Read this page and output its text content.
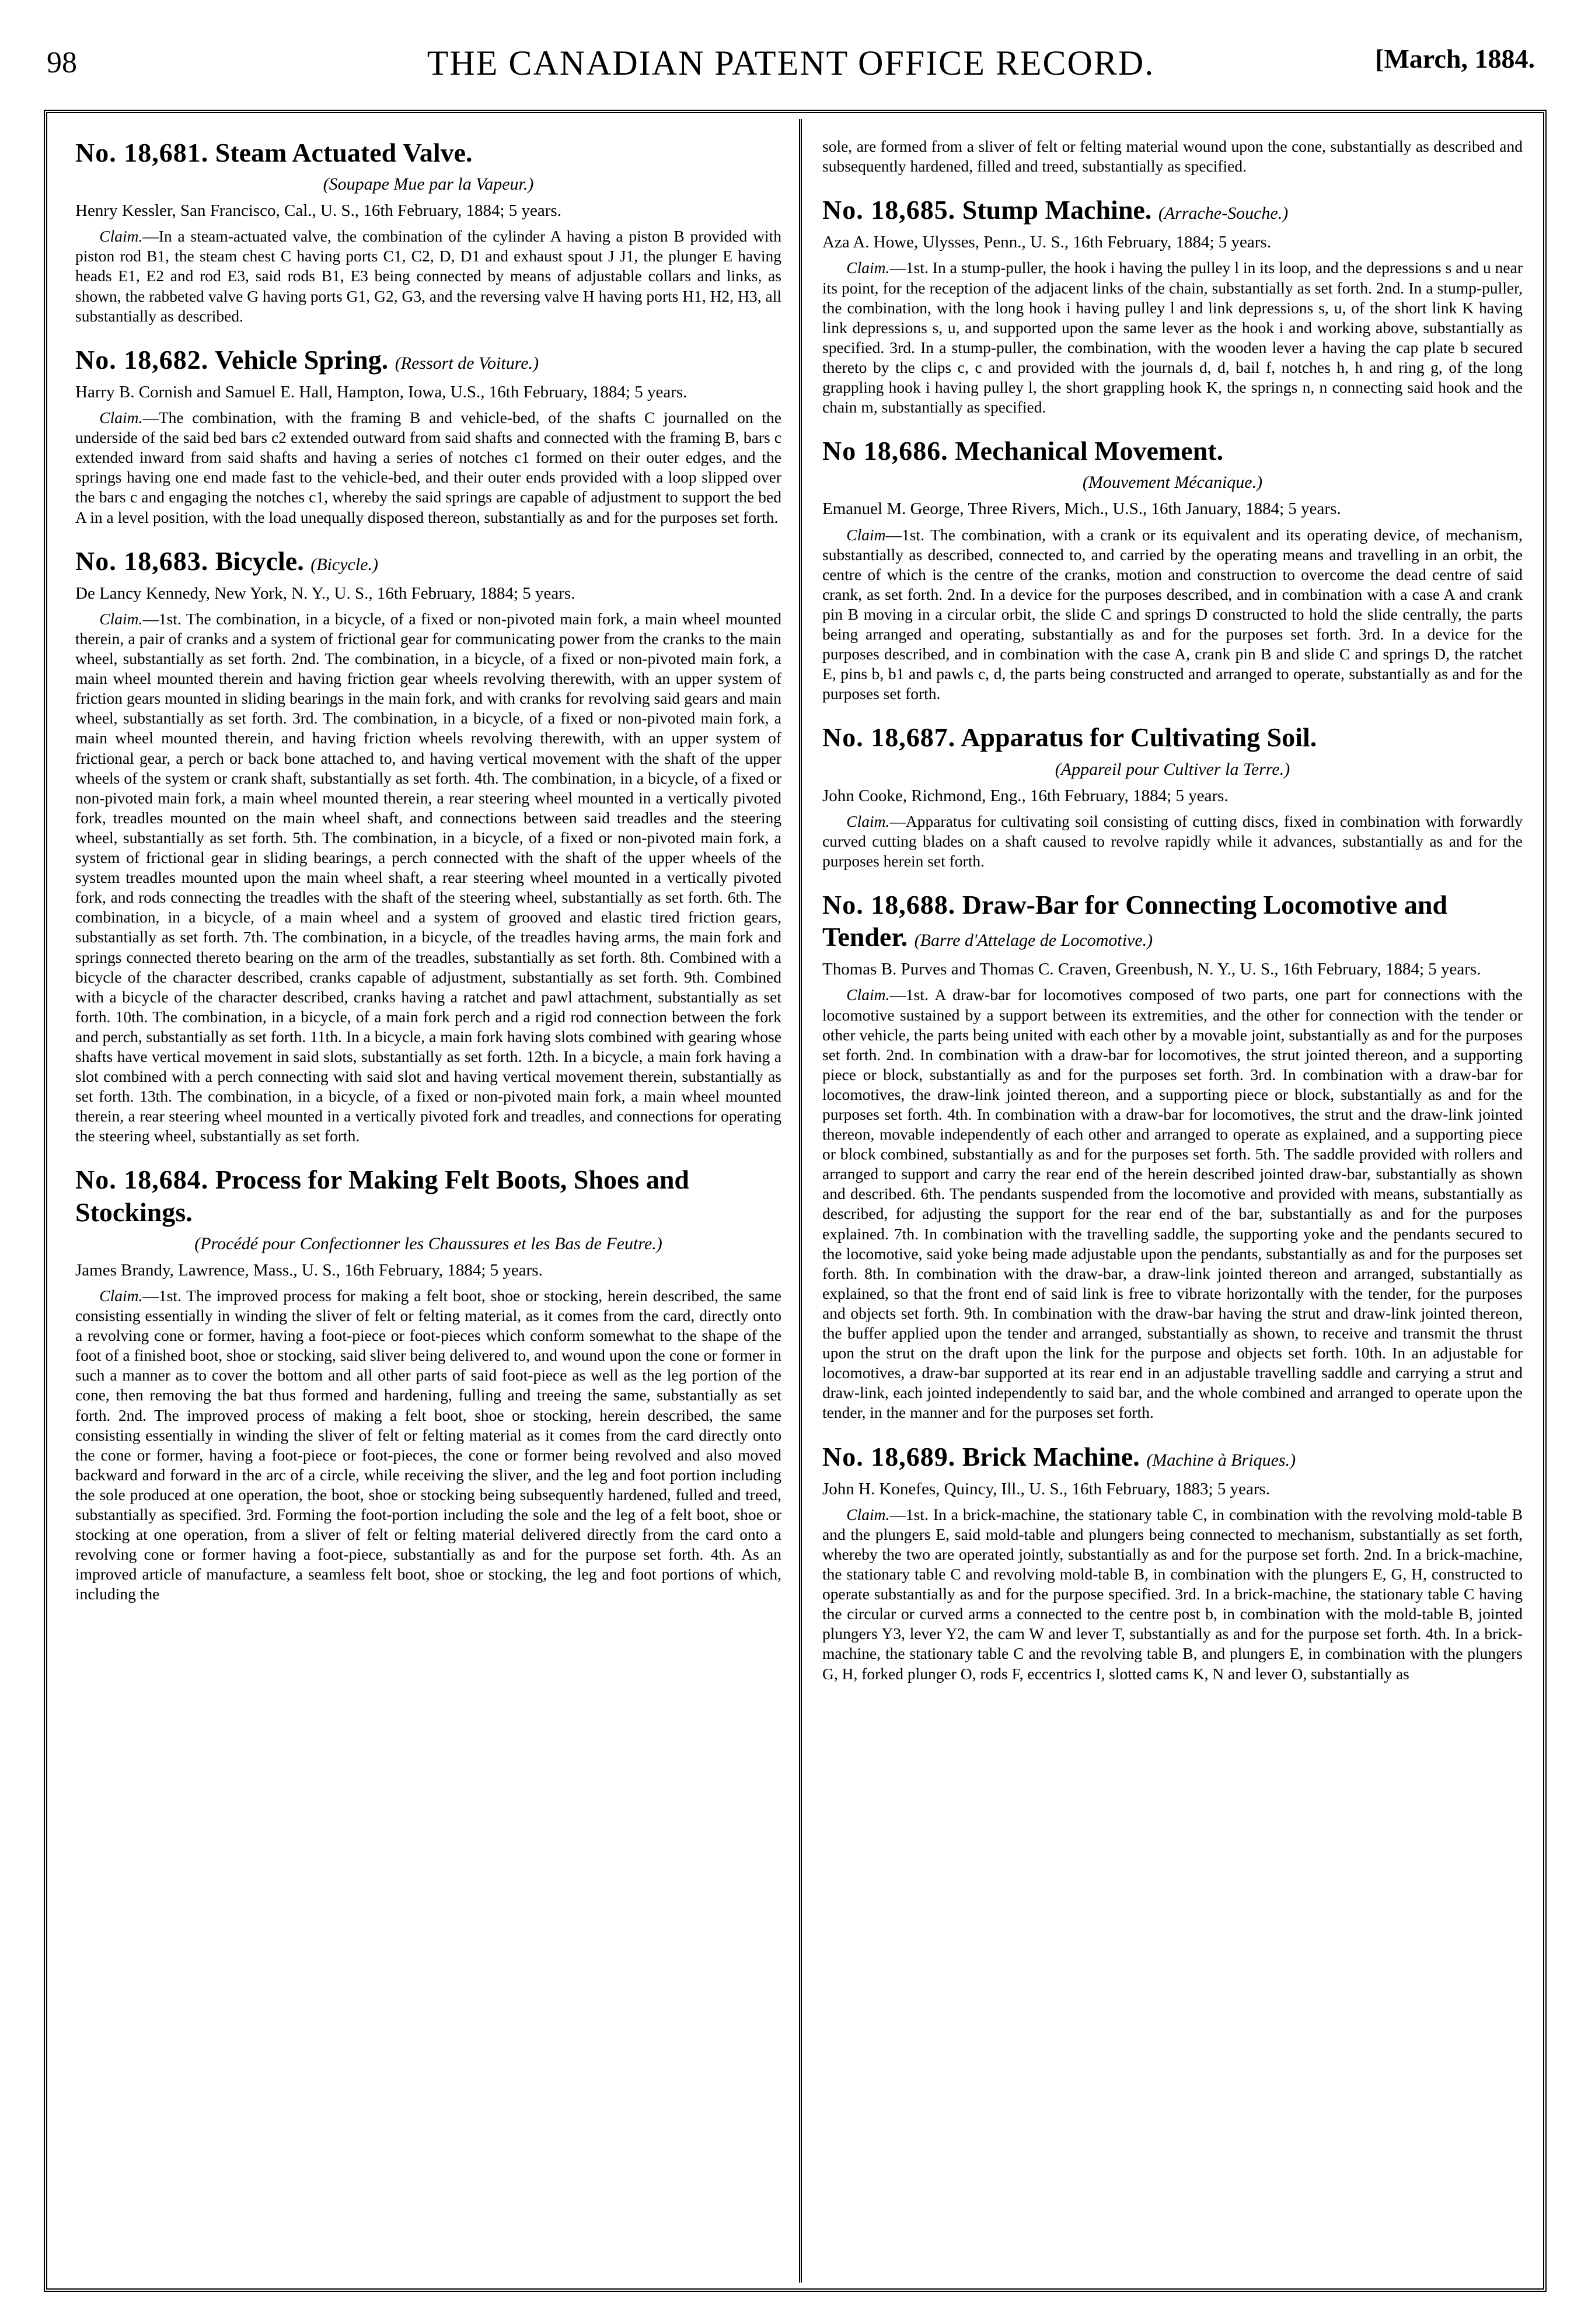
98	THE CANADIAN PATENT OFFICE RECORD.	[March, 1884.
No. 18,681. Steam Actuated Valve.
(Soupape Mue par la Vapeur.)

Henry Kessler, San Francisco, Cal., U. S., 16th February, 1884; 5 years.

Claim.—In a steam-actuated valve, the combination of the cylinder A having a piston B provided with piston rod B1, the steam chest C having ports C1, C2, D, D1 and exhaust spout J J1, the plunger E having heads E1, E2 and rod E3, said rods B1, E3 being connected by means of adjustable collars and links, as shown, the rabbeted valve G having ports G1, G2, G3, and the reversing valve H having ports H1, H2, H3, all substantially as described.

No. 18,682. Vehicle Spring. (Ressort de Voiture.)

Harry B. Cornish and Samuel E. Hall, Hampton, Iowa, U.S., 16th February, 1884; 5 years.

Claim.—The combination, with the framing B and vehicle-bed, of the shafts C journalled on the underside of the said bed bars c2 extended outward from said shafts and connected with the framing B, bars c extended inward from said shafts and having a series of notches c1 formed on their outer edges, and the springs having one end made fast to the vehicle-bed, and their outer ends provided with a loop slipped over the bars c and engaging the notches c1, whereby the said springs are capable of adjustment to support the bed A in a level position, with the load unequally disposed thereon, substantially as and for the purposes set forth.

No. 18,683. Bicycle. (Bicycle.)

De Lancy Kennedy, New York, N. Y., U. S., 16th February, 1884; 5 years.

Claim.—1st. The combination, in a bicycle, of a fixed or non-pivoted main fork, a main wheel mounted therein, a pair of cranks and a system of frictional gear for communicating power from the cranks to the main wheel, substantially as set forth. 2nd. The combination, in a bicycle, of a fixed or non-pivoted main fork, a main wheel mounted therein and having friction gear wheels revolving therewith, with an upper system of friction gears mounted in sliding bearings in the main fork, and with cranks for revolving said gears and main wheel, substantially as set forth. 3rd. The combination, in a bicycle, of a fixed or non-pivoted main fork, a main wheel mounted therein, and having friction wheels revolving therewith, with an upper system of frictional gear, a perch or back bone attached to, and having vertical movement with the shaft of the upper wheels of the system or crank shaft, substantially as set forth. 4th. The combination, in a bicycle, of a fixed or non-pivoted main fork, a main wheel mounted therein, a rear steering wheel mounted in a vertically pivoted fork, treadles mounted on the main wheel shaft, and connections between said treadles and the steering wheel, substantially as set forth. 5th. The combination, in a bicycle, of a fixed or non-pivoted main fork, a system of frictional gear in sliding bearings, a perch connected with the shaft of the upper wheels of the system treadles mounted upon the main wheel shaft, a rear steering wheel mounted in a vertically pivoted fork, and rods connecting the treadles with the shaft of the steering wheel, substantially as set forth. 6th. The combination, in a bicycle, of a main wheel and a system of grooved and elastic tired friction gears, substantially as set forth. 7th. The combination, in a bicycle, of the treadles having arms, the main fork and springs connected thereto bearing on the arm of the treadles, substantially as set forth. 8th. Combined with a bicycle of the character described, cranks capable of adjustment, substantially as set forth. 9th. Combined with a bicycle of the character described, cranks having a ratchet and pawl attachment, substantially as set forth. 10th. The combination, in a bicycle, of a main fork perch and a rigid rod connection between the fork and perch, substantially as set forth. 11th. In a bicycle, a main fork having slots combined with gearing whose shafts have vertical movement in said slots, substantially as set forth. 12th. In a bicycle, a main fork having a slot combined with a perch connecting with said slot and having vertical movement therein, substantially as set forth. 13th. The combination, in a bicycle, of a fixed or non-pivoted main fork, a main wheel mounted therein, a rear steering wheel mounted in a vertically pivoted fork and treadles, and connections for operating the steering wheel, substantially as set forth.

No. 18,684. Process for Making Felt Boots, Shoes and Stockings.
(Procédé pour Confectionner les Chaussures et les Bas de Feutre.)

James Brandy, Lawrence, Mass., U. S., 16th February, 1884; 5 years.

Claim.—1st. The improved process for making a felt boot, shoe or stocking, herein described, the same consisting essentially in winding the sliver of felt or felting material, as it comes from the card, directly onto a revolving cone or former, having a foot-piece or foot-pieces which conform somewhat to the shape of the foot of a finished boot, shoe or stocking, said sliver being delivered to, and wound upon the cone or former in such a manner as to cover the bottom and all other parts of said foot-piece as well as the leg portion of the cone, then removing the bat thus formed and hardening, fulling and treeing the same, substantially as set forth. 2nd. The improved process of making a felt boot, shoe or stocking, herein described, the same consisting essentially in winding the sliver of felt or felting material as it comes from the card directly onto the cone or former, having a foot-piece or foot-pieces, the cone or former being revolved and also moved backward and forward in the arc of a circle, while receiving the sliver, and the leg and foot portion including the sole produced at one operation, the boot, shoe or stocking being subsequently hardened, fulled and treed, substantially as specified. 3rd. Forming the foot-portion including the sole and the leg of a felt boot, shoe or stocking at one operation, from a sliver of felt or felting material delivered directly from the card onto a revolving cone or former having a foot-piece, substantially as and for the purpose set forth. 4th. As an improved article of manufacture, a seamless felt boot, shoe or stocking, the leg and foot portions of which, including the

sole, are formed from a sliver of felt or felting material wound upon the cone, substantially as described and subsequently hardened, filled and treed, substantially as specified.

No. 18,685. Stump Machine. (Arrache-Souche.)

Aza A. Howe, Ulysses, Penn., U. S., 16th February, 1884; 5 years.

Claim.—1st. In a stump-puller, the hook i having the pulley l in its loop, and the depressions s and u near its point, for the reception of the adjacent links of the chain, substantially as set forth. 2nd. In a stump-puller, the combination, with the long hook i having pulley l and link depressions s, u, of the short link K having link depressions s, u, and supported upon the same lever as the hook i and working above, substantially as specified. 3rd. In a stump-puller, the combination, with the wooden lever a having the cap plate b secured thereto by the clips c, c and provided with the journals d, d, bail f, notches h, h and ring g, of the long grappling hook i having pulley l, the short grappling hook K, the springs n, n connecting said hook and the chain m, substantially as specified.

No 18,686. Mechanical Movement.
(Mouvement Mécanique.)

Emanuel M. George, Three Rivers, Mich., U.S., 16th January, 1884; 5 years.

Claim—1st. The combination, with a crank or its equivalent and its operating device, of mechanism, substantially as described, connected to, and carried by the operating means and travelling in an orbit, the centre of which is the centre of the cranks, motion and construction to overcome the dead centre of said crank, as set forth. 2nd. In a device for the purposes described, and in combination with a case A and crank pin B moving in a circular orbit, the slide C and springs D constructed to hold the slide centrally, the parts being arranged and operating, substantially as and for the purposes set forth. 3rd. In a device for the purposes described, and in combination with the case A, crank pin B and slide C and springs D, the ratchet E, pins b, b1 and pawls c, d, the parts being constructed and arranged to operate, substantially as and for the purposes set forth.

No. 18,687. Apparatus for Cultivating Soil.
(Appareil pour Cultiver la Terre.)

John Cooke, Richmond, Eng., 16th February, 1884; 5 years.

Claim.—Apparatus for cultivating soil consisting of cutting discs, fixed in combination with forwardly curved cutting blades on a shaft caused to revolve rapidly while it advances, substantially as and for the purposes herein set forth.

No. 18,688. Draw-Bar for Connecting Locomotive and Tender. (Barre d'Attelage de Locomotive.)

Thomas B. Purves and Thomas C. Craven, Greenbush, N. Y., U. S., 16th February, 1884; 5 years.

Claim.—1st. A draw-bar for locomotives composed of two parts, one part for connections with the locomotive sustained by a support between its extremities, and the other for connection with the tender or other vehicle, the parts being united with each other by a movable joint, substantially as and for the purposes set forth. 2nd. In combination with a draw-bar for locomotives, the strut jointed thereon, and a supporting piece or block, substantially as and for the purposes set forth. 3rd. In combination with a draw-bar for locomotives, the draw-link jointed thereon, and a supporting piece or block, substantially as and for the purposes set forth. 4th. In combination with a draw-bar for locomotives, the strut and the draw-link jointed thereon, movable independently of each other and arranged to operate as explained, and a supporting piece or block combined, substantially as and for the purposes set forth. 5th. The saddle provided with rollers and arranged to support and carry the rear end of the herein described jointed draw-bar, substantially as shown and described. 6th. The pendants suspended from the locomotive and provided with means, substantially as described, for adjusting the support for the rear end of the bar, substantially as and for the purposes explained. 7th. In combination with the travelling saddle, the supporting yoke and the pendants secured to the locomotive, said yoke being made adjustable upon the pendants, substantially as and for the purposes set forth. 8th. In combination with the draw-bar, a draw-link jointed thereon and arranged, substantially as explained, so that the front end of said link is free to vibrate horizontally with the tender, for the purposes and objects set forth. 9th. In combination with the draw-bar having the strut and draw-link jointed thereon, the buffer applied upon the tender and arranged, substantially as shown, to receive and transmit the thrust upon the strut on the draft upon the link for the purpose and objects set forth. 10th. In an adjustable for locomotives, a draw-bar supported at its rear end in an adjustable travelling saddle and carrying a strut and draw-link, each jointed independently to said bar, and the whole combined and arranged to operate upon the tender, in the manner and for the purposes set forth.

No. 18,689. Brick Machine. (Machine à Briques.)

John H. Konefes, Quincy, Ill., U. S., 16th February, 1883; 5 years.

Claim.—1st. In a brick-machine, the stationary table C, in combination with the revolving mold-table B and the plungers E, said mold-table and plungers being connected to mechanism, substantially as set forth, whereby the two are operated jointly, substantially as and for the purpose set forth. 2nd. In a brick-machine, the stationary table C and revolving mold-table B, in combination with the plungers E, G, H, constructed to operate substantially as and for the purpose specified. 3rd. In a brick-machine, the stationary table C having the circular or curved arms a connected to the centre post b, in combination with the mold-table B, jointed plungers Y3, lever Y2, the cam W and lever T, substantially as and for the purpose set forth. 4th. In a brick-machine, the stationary table C and the revolving table B, and plungers E, in combination with the plungers G, H, forked plunger O, rods F, eccentrics I, slotted cams K, N and lever O, substantially as
